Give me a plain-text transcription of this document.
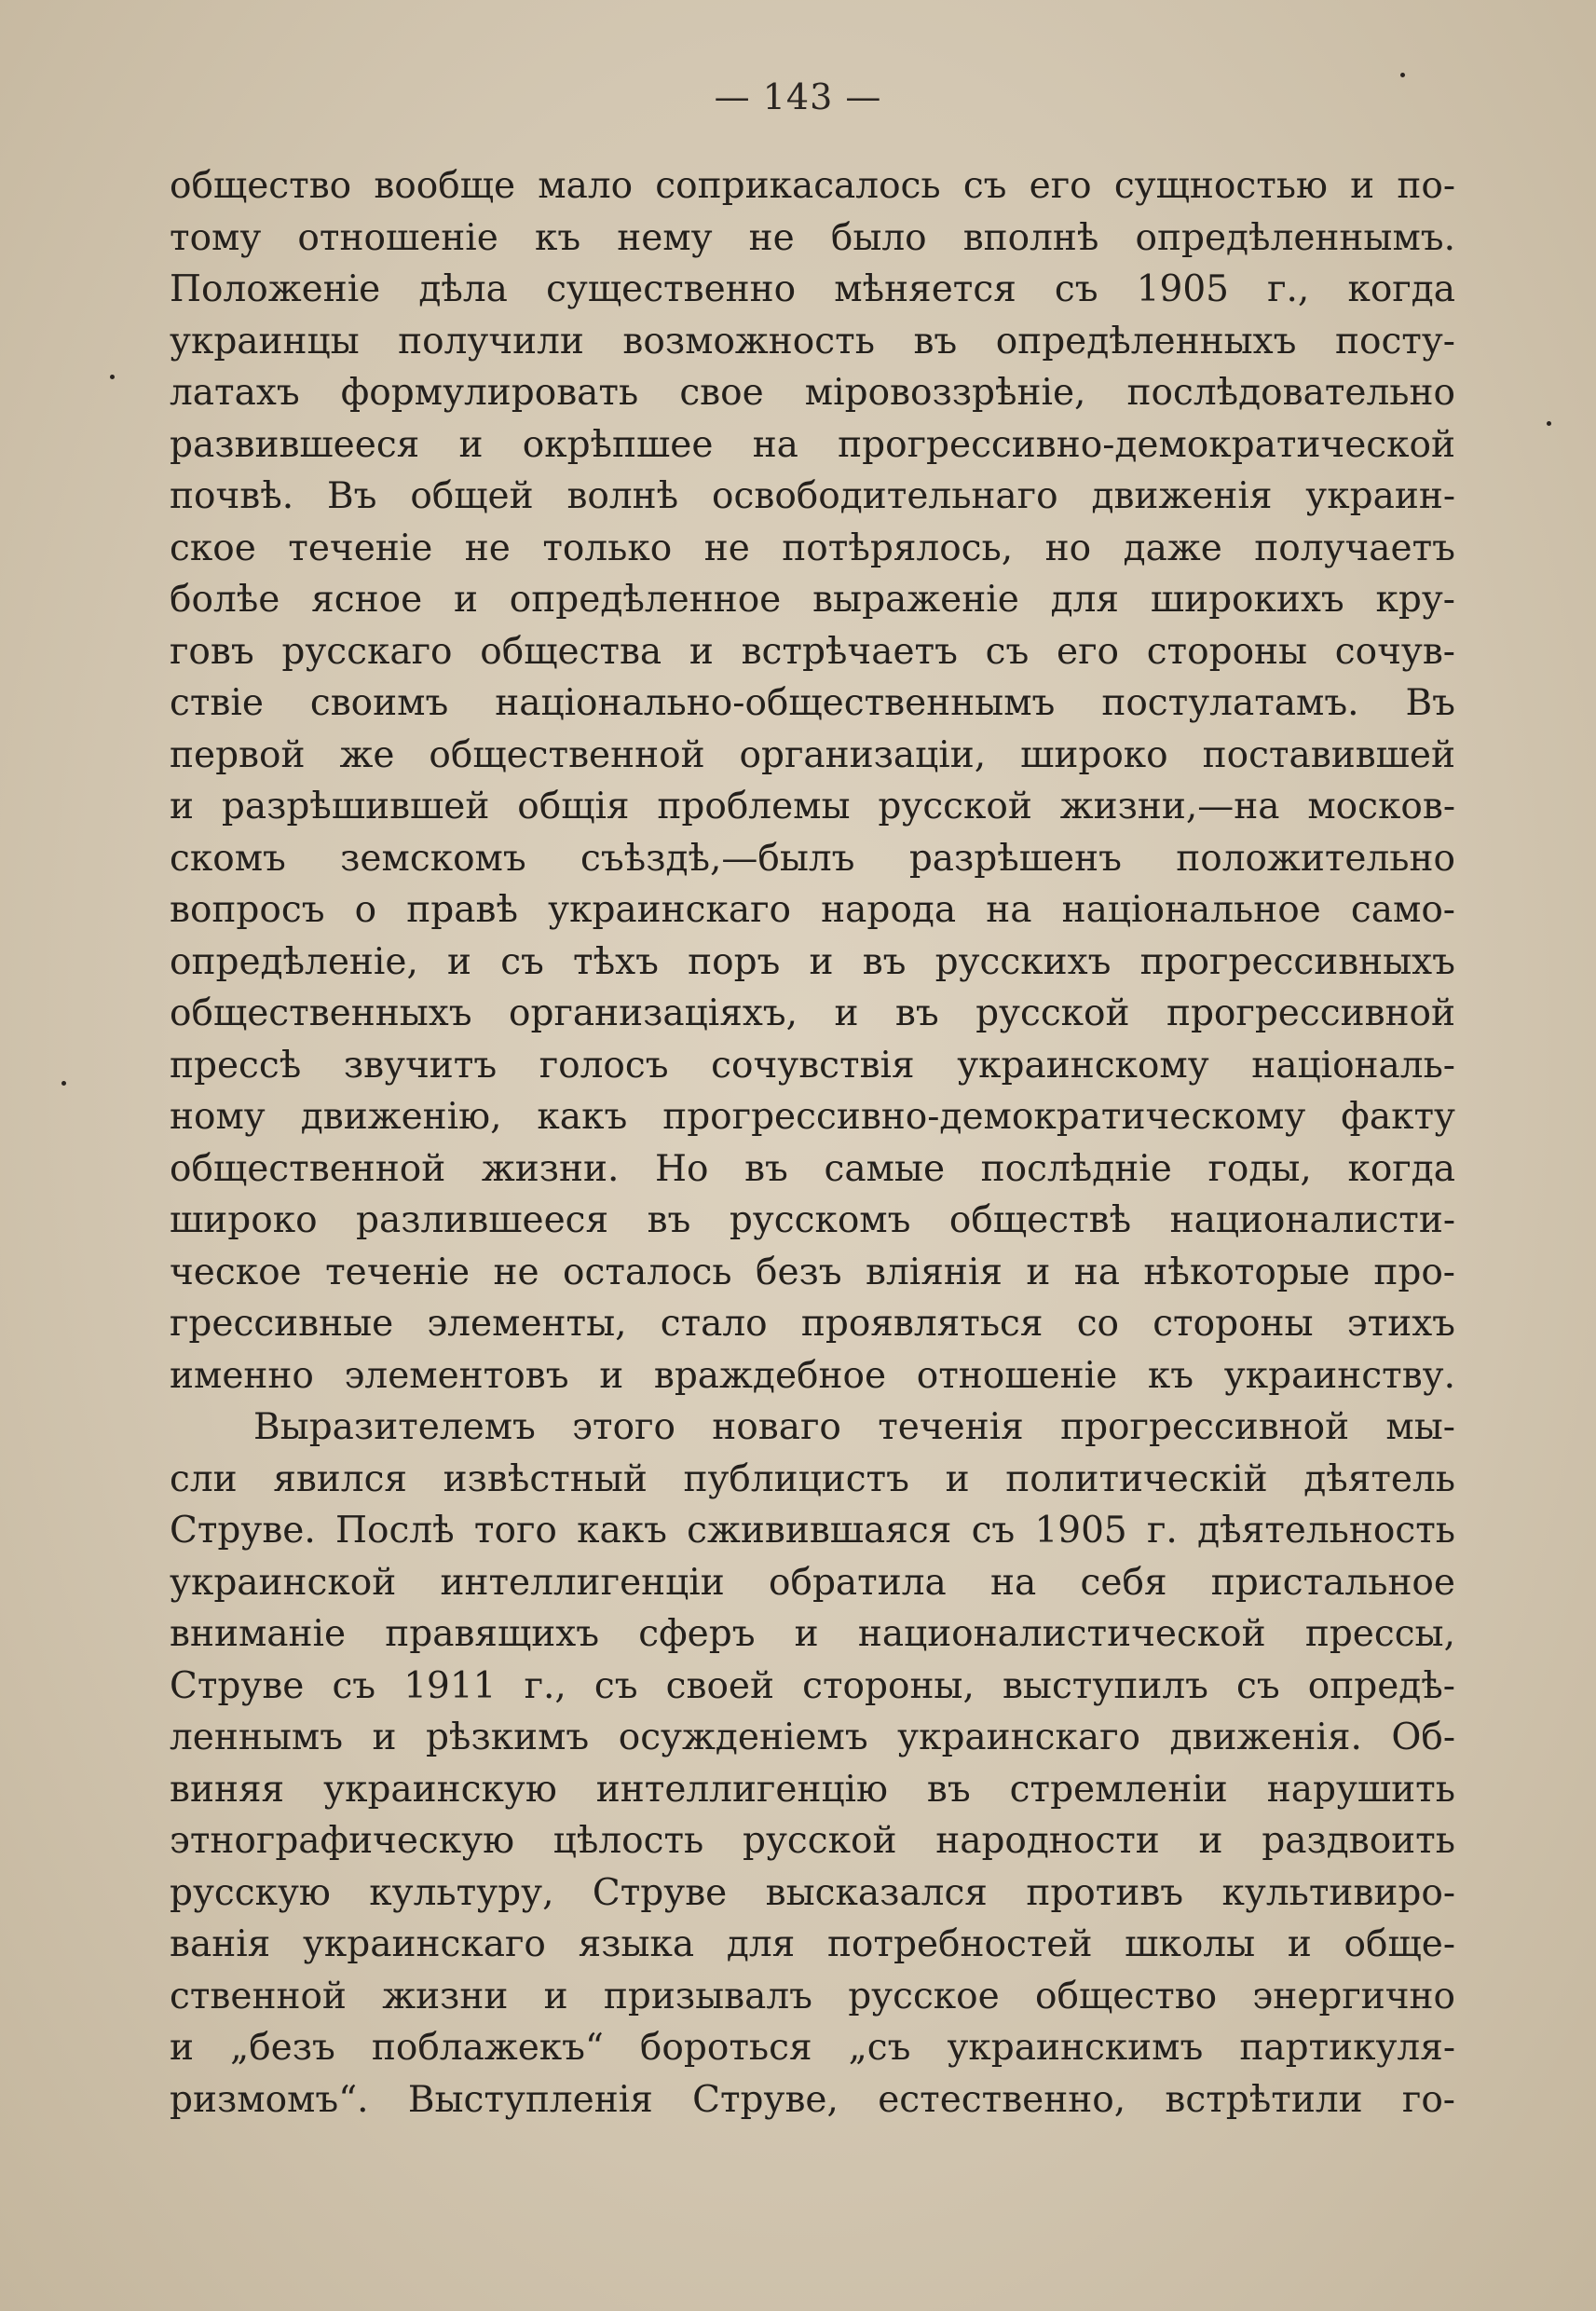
— 143 —
общество вообще мало соприкасалось съ его сущностью и по-
тому отношеніе къ нему не было вполнѣ опредѣленнымъ.
Положеніе дѣла существенно мѣняется съ 1905 г., когда
украинцы получили возможность въ опредѣленныхъ посту-
латахъ формулировать свое міровоззрѣніе, послѣдовательно
развившееся и окрѣпшее на прогрессивно-демократической
почвѣ. Въ общей волнѣ освободительнаго движенія украин-
ское теченіе не только не потѣрялось, но даже получаетъ
болѣе ясное и опредѣленное выраженіе для широкихъ кру-
говъ русскаго общества и встрѣчаетъ съ его стороны сочув-
ствіе своимъ національно-общественнымъ постулатамъ. Въ
первой же общественной организаціи, широко поставившей
и разрѣшившей общія проблемы русской жизни,—на москов-
скомъ земскомъ съѣздѣ,—былъ разрѣшенъ положительно
вопросъ о правѣ украинскаго народа на національное само-
опредѣленіе, и съ тѣхъ поръ и въ русскихъ прогрессивныхъ
общественныхъ организаціяхъ, и въ русской прогрессивной
прессѣ звучитъ голосъ сочувствія украинскому національ-
ному движенію, какъ прогрессивно-демократическому факту
общественной жизни. Но въ самые послѣдніе годы, когда
широко разлившееся въ русскомъ обществѣ националисти-
ческое теченіе не осталось безъ вліянія и на нѣкоторые про-
грессивные элементы, стало проявляться со стороны этихъ
именно элементовъ и враждебное отношеніе къ украинству.
Выразителемъ этого новаго теченія прогрессивной мы-
сли явился извѣстный публицистъ и политическій дѣятель
Струве. Послѣ того какъ сживившаяся съ 1905 г. дѣятельность
украинской интеллигенціи обратила на себя пристальное
вниманіе правящихъ сферъ и националистической прессы,
Струве съ 1911 г., съ своей стороны, выступилъ съ опредѣ-
леннымъ и рѣзкимъ осужденіемъ украинскаго движенія. Об-
виняя украинскую интеллигенцію въ стремленіи нарушить
этнографическую цѣлость русской народности и раздвоить
русскую культуру, Струве высказался противъ культивиро-
ванія украинскаго языка для потребностей школы и обще-
ственной жизни и призывалъ русское общество энергично
и „безъ поблажекъ“ бороться „съ украинскимъ партикуля-
ризмомъ“. Выступленія Струве, естественно, встрѣтили го-
